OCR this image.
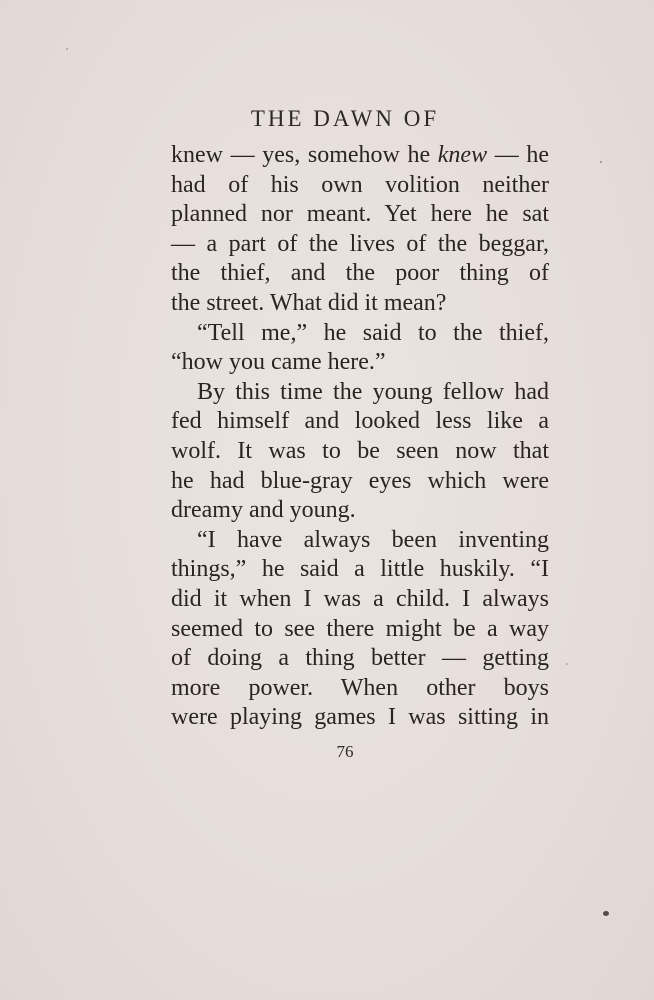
THE DAWN OF
knew — yes, somehow he knew — he
had of his own volition neither
planned nor meant. Yet here he sat
— a part of the lives of the beggar,
the thief, and the poor thing of
the street. What did it mean?
“Tell me,” he said to the thief,
“how you came here.”
By this time the young fellow had
fed himself and looked less like a
wolf. It was to be seen now that
he had blue-gray eyes which were
dreamy and young.
“I have always been inventing
things,” he said a little huskily. “I
did it when I was a child. I always
seemed to see there might be a way
of doing a thing better — getting
more power. When other boys
were playing games I was sitting in
76
